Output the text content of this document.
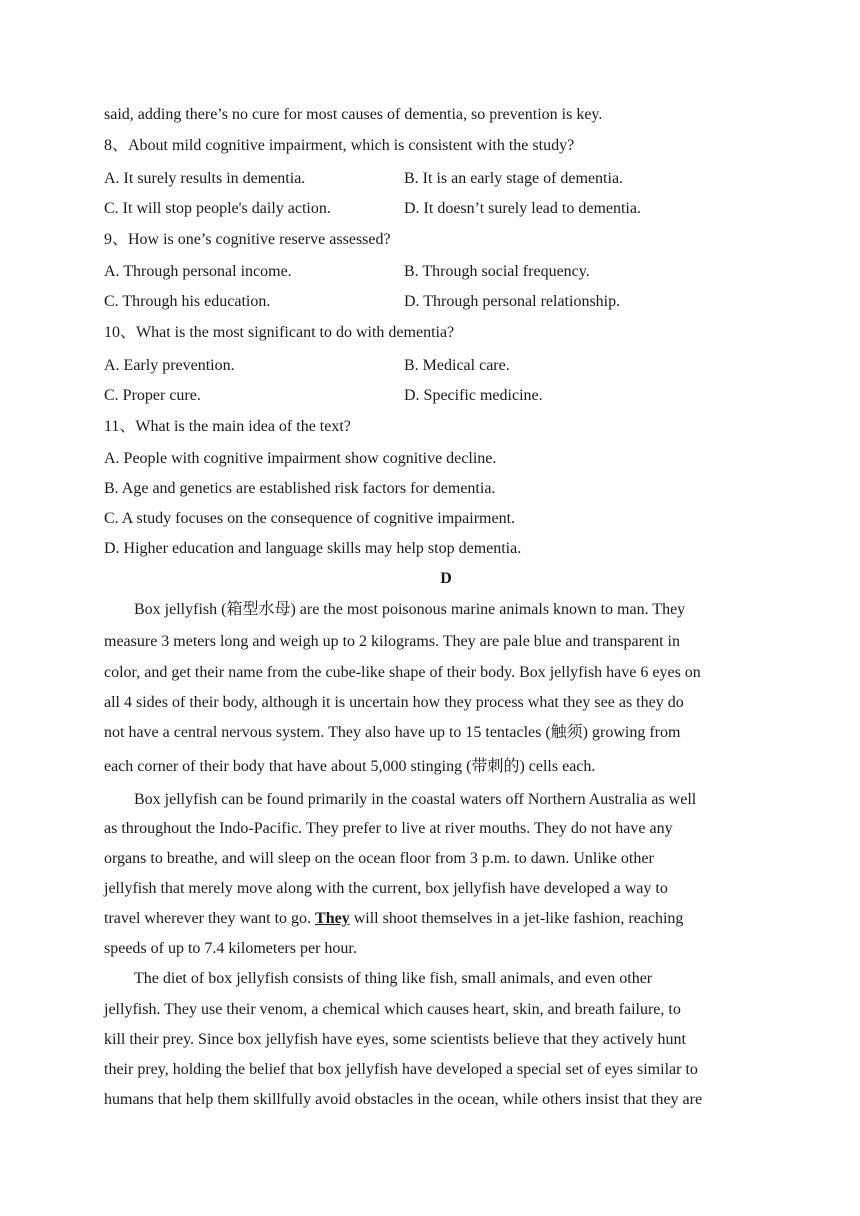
said, adding there’s no cure for most causes of dementia, so prevention is key.
8、About mild cognitive impairment, which is consistent with the study?
A. It surely results in dementia.	B. It is an early stage of dementia.
C. It will stop people's daily action.	D. It doesn’t surely lead to dementia.
9、How is one’s cognitive reserve assessed?
A. Through personal income.	B. Through social frequency.
C. Through his education.	D. Through personal relationship.
10、What is the most significant to do with dementia?
A. Early prevention.	B. Medical care.
C. Proper cure.	D. Specific medicine.
11、What is the main idea of the text?
A. People with cognitive impairment show cognitive decline.
B. Age and genetics are established risk factors for dementia.
C. A study focuses on the consequence of cognitive impairment.
D. Higher education and language skills may help stop dementia.
D
Box jellyfish (箱型水母) are the most poisonous marine animals known to man. They
measure 3 meters long and weigh up to 2 kilograms. They are pale blue and transparent in
color, and get their name from the cube-like shape of their body. Box jellyfish have 6 eyes on
all 4 sides of their body, although it is uncertain how they process what they see as they do
not have a central nervous system. They also have up to 15 tentacles (触须) growing from
each corner of their body that have about 5,000 stinging (带刺的) cells each.
Box jellyfish can be found primarily in the coastal waters off Northern Australia as well
as throughout the Indo-Pacific. They prefer to live at river mouths. They do not have any
organs to breathe, and will sleep on the ocean floor from 3 p.m. to dawn. Unlike other
jellyfish that merely move along with the current, box jellyfish have developed a way to
travel wherever they want to go. They will shoot themselves in a jet-like fashion, reaching
speeds of up to 7.4 kilometers per hour.
The diet of box jellyfish consists of thing like fish, small animals, and even other
jellyfish. They use their venom, a chemical which causes heart, skin, and breath failure, to
kill their prey. Since box jellyfish have eyes, some scientists believe that they actively hunt
their prey, holding the belief that box jellyfish have developed a special set of eyes similar to
humans that help them skillfully avoid obstacles in the ocean, while others insist that they are
